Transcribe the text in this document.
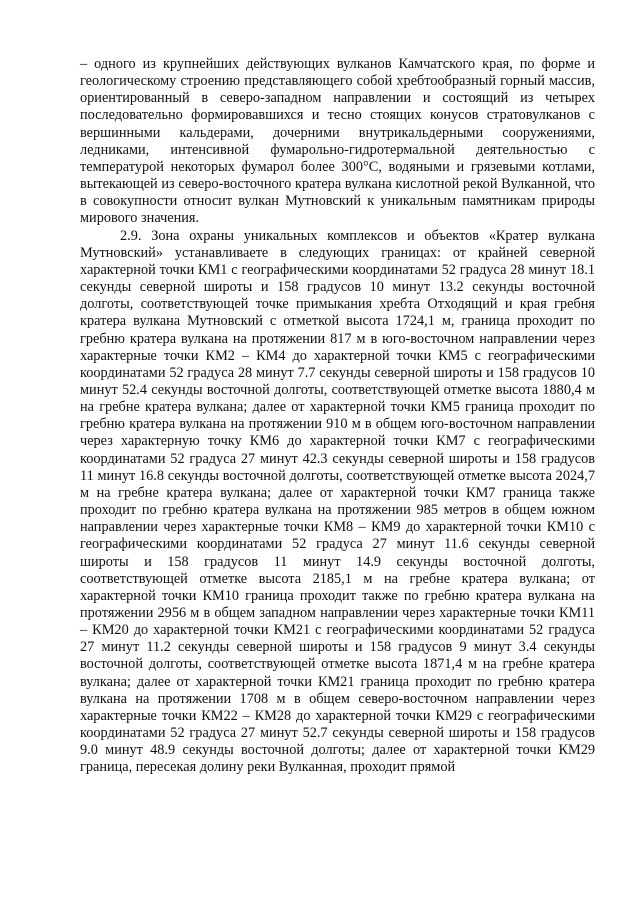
– одного из крупнейших действующих вулканов Камчатского края, по форме и геологическому строению представляющего собой хребтообразный горный массив, ориентированный в северо-западном направлении и состоящий из четырех последовательно формировавшихся и тесно стоящих конусов стратовулканов с вершинными кальдерами, дочерними внутрикальдерными сооружениями, ледниками, интенсивной фумарольно-гидротермальной деятельностью с температурой некоторых фумарол более 300°С, водяными и грязевыми котлами, вытекающей из северо-восточного кратера вулкана кислотной рекой Вулканной, что в совокупности относит вулкан Мутновский к уникальным памятникам природы мирового значения.

2.9. Зона охраны уникальных комплексов и объектов «Кратер вулкана Мутновский» устанавливаете в следующих границах: от крайней северной характерной точки КМ1 с географическими координатами 52 градуса 28 минут 18.1 секунды северной широты и 158 градусов 10 минут 13.2 секунды восточной долготы, соответствующей точке примыкания хребта Отходящий и края гребня кратера вулкана Мутновский с отметкой высота 1724,1 м, граница проходит по гребню кратера вулкана на протяжении 817 м в юго-восточном направлении через характерные точки КМ2 – КМ4 до характерной точки КМ5 с географическими координатами 52 градуса 28 минут 7.7 секунды северной широты и 158 градусов 10 минут 52.4 секунды восточной долготы, соответствующей отметке высота 1880,4 м на гребне кратера вулкана; далее от характерной точки КМ5 граница проходит по гребню кратера вулкана на протяжении 910 м в общем юго-восточном направлении через характерную точку КМ6 до характерной точки КМ7 с географическими координатами 52 градуса 27 минут 42.3 секунды северной широты и 158 градусов 11 минут 16.8 секунды восточной долготы, соответствующей отметке высота 2024,7 м на гребне кратера вулкана; далее от характерной точки КМ7 граница также проходит по гребню кратера вулкана на протяжении 985 метров в общем южном направлении через характерные точки КМ8 – КМ9 до характерной точки КМ10 с географическими координатами 52 градуса 27 минут 11.6 секунды северной широты и 158 градусов 11 минут 14.9 секунды восточной долготы, соответствующей отметке высота 2185,1 м на гребне кратера вулкана; от характерной точки КМ10 граница проходит также по гребню кратера вулкана на протяжении 2956 м в общем западном направлении через характерные точки КМ11 – КМ20 до характерной точки КМ21 с географическими координатами 52 градуса 27 минут 11.2 секунды северной широты и 158 градусов 9 минут 3.4 секунды восточной долготы, соответствующей отметке высота 1871,4 м на гребне кратера вулкана; далее от характерной точки КМ21 граница проходит по гребню кратера вулкана на протяжении 1708 м в общем северо-восточном направлении через характерные точки КМ22 – КМ28 до характерной точки КМ29 с географическими координатами 52 градуса 27 минут 52.7 секунды северной широты и 158 градусов 9.0 минут 48.9 секунды восточной долготы; далее от характерной точки КМ29 граница, пересекая долину реки Вулканная, проходит прямой
